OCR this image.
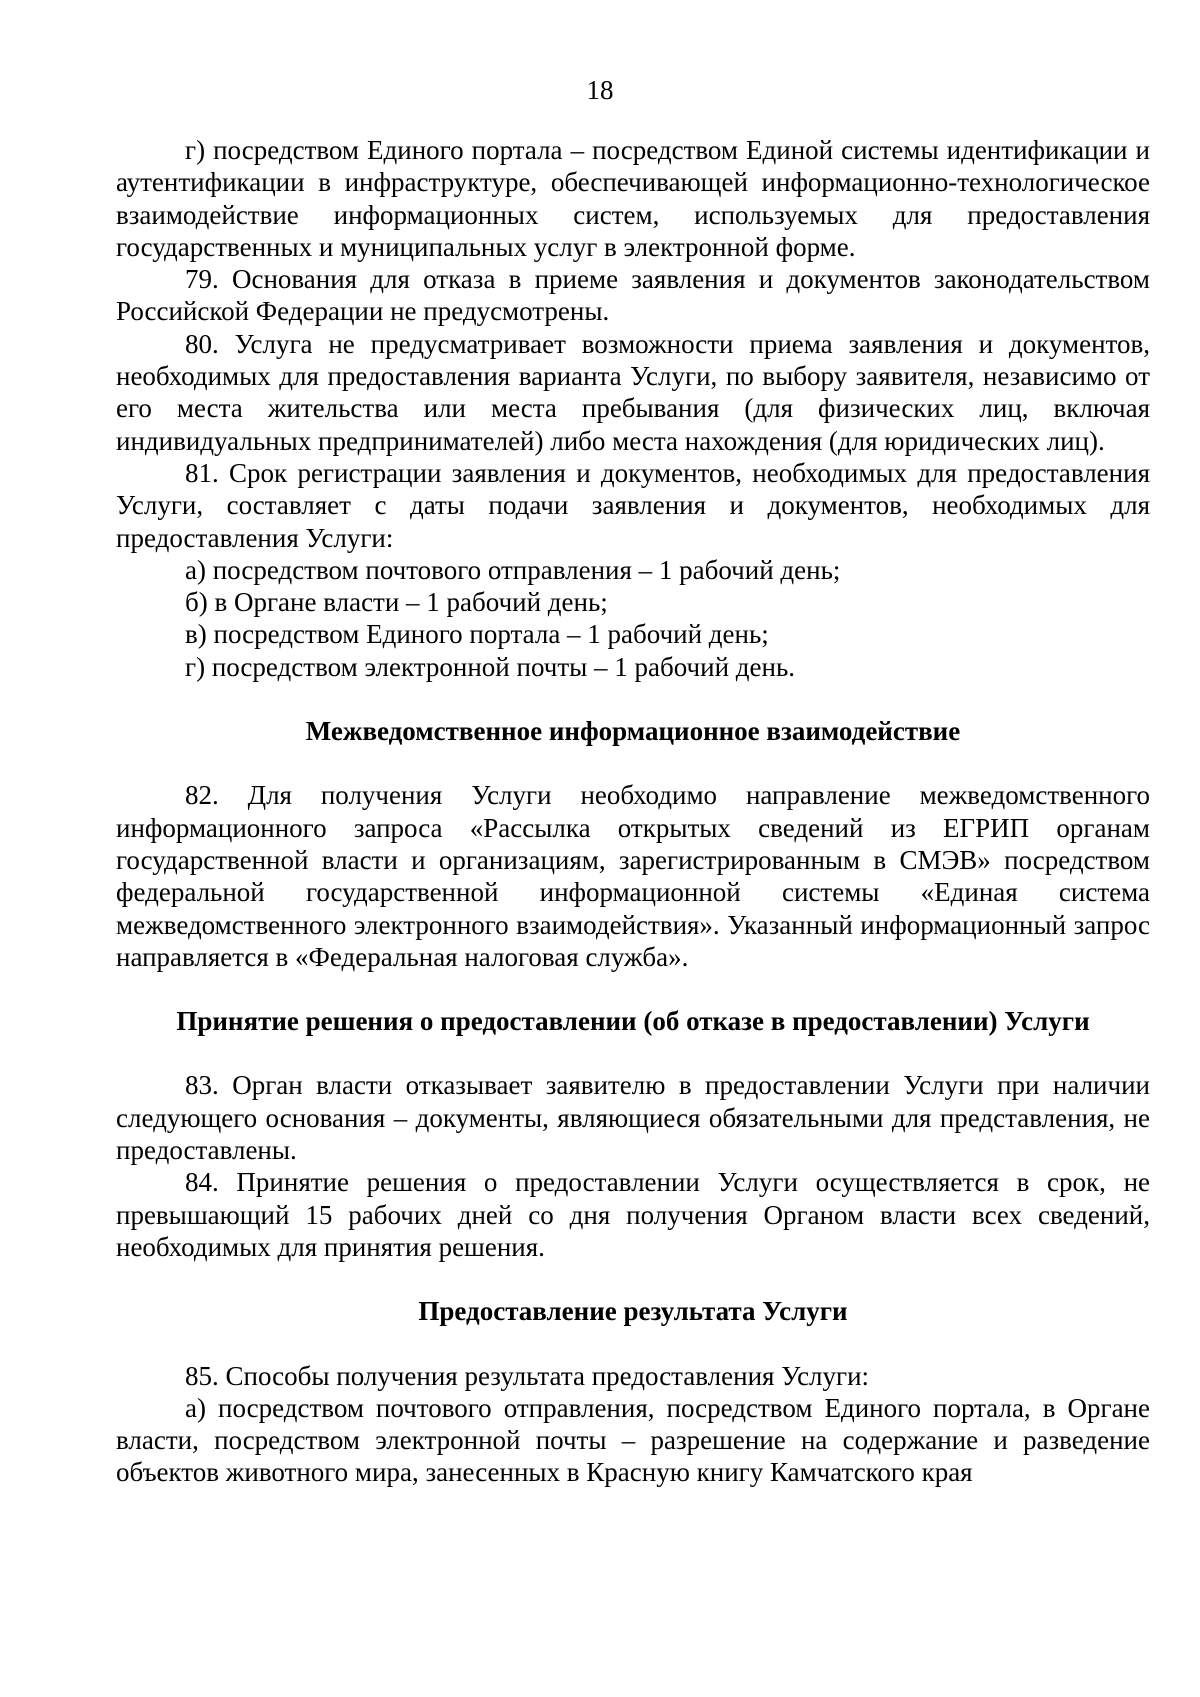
18

г) посредством Единого портала – посредством Единой системы идентификации и аутентификации в инфраструктуре, обеспечивающей информационно-технологическое взаимодействие информационных систем, используемых для предоставления государственных и муниципальных услуг в электронной форме.

79. Основания для отказа в приеме заявления и документов законодательством Российской Федерации не предусмотрены.

80. Услуга не предусматривает возможности приема заявления и документов, необходимых для предоставления варианта Услуги, по выбору заявителя, независимо от его места жительства или места пребывания (для физических лиц, включая индивидуальных предпринимателей) либо места нахождения (для юридических лиц).

81. Срок регистрации заявления и документов, необходимых для предоставления Услуги, составляет с даты подачи заявления и документов, необходимых для предоставления Услуги:

а) посредством почтового отправления – 1 рабочий день;

б) в Органе власти – 1 рабочий день;

в) посредством Единого портала – 1 рабочий день;

г) посредством электронной почты – 1 рабочий день.

Межведомственное информационное взаимодействие

82. Для получения Услуги необходимо направление межведомственного информационного запроса «Рассылка открытых сведений из ЕГРИП органам государственной власти и организациям, зарегистрированным в СМЭВ» посредством федеральной государственной информационной системы «Единая система межведомственного электронного взаимодействия». Указанный информационный запрос направляется в «Федеральная налоговая служба».

Принятие решения о предоставлении (об отказе в предоставлении) Услуги

83. Орган власти отказывает заявителю в предоставлении Услуги при наличии следующего основания – документы, являющиеся обязательными для представления, не предоставлены.

84. Принятие решения о предоставлении Услуги осуществляется в срок, не превышающий 15 рабочих дней со дня получения Органом власти всех сведений, необходимых для принятия решения.

Предоставление результата Услуги

85. Способы получения результата предоставления Услуги:

а) посредством почтового отправления, посредством Единого портала, в Органе власти, посредством электронной почты – разрешение на содержание и разведение объектов животного мира, занесенных в Красную книгу Камчатского края
